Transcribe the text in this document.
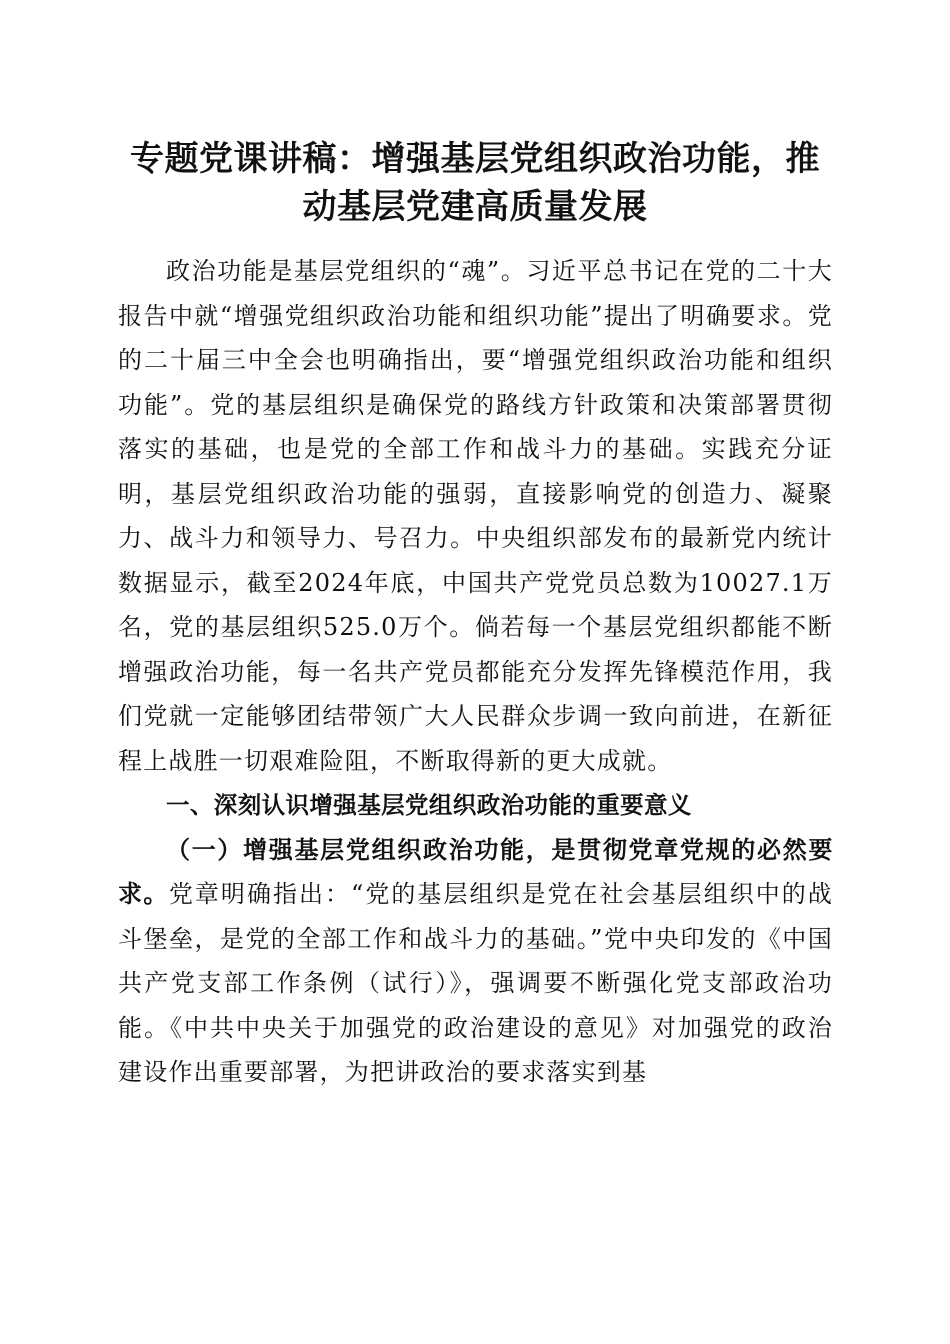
专题党课讲稿：增强基层党组织政治功能，推
动基层党建高质量发展

政治功能是基层党组织的“魂”。习近平总书记在党的二十大报告中就“增强党组织政治功能和组织功能”提出了明确要求。党的二十届三中全会也明确指出，要“增强党组织政治功能和组织功能”。党的基层组织是确保党的路线方针政策和决策部署贯彻落实的基础，也是党的全部工作和战斗力的基础。实践充分证明，基层党组织政治功能的强弱，直接影响党的创造力、凝聚力、战斗力和领导力、号召力。中央组织部发布的最新党内统计数据显示，截至2024年底，中国共产党党员总数为10027.1万名，党的基层组织525.0万个。倘若每一个基层党组织都能不断增强政治功能，每一名共产党员都能充分发挥先锋模范作用，我们党就一定能够团结带领广大人民群众步调一致向前进，在新征程上战胜一切艰难险阻，不断取得新的更大成就。

一、深刻认识增强基层党组织政治功能的重要意义

（一）增强基层党组织政治功能，是贯彻党章党规的必然要求。党章明确指出：“党的基层组织是党在社会基层组织中的战斗堡垒，是党的全部工作和战斗力的基础。”党中央印发的《中国共产党支部工作条例（试行）》，强调要不断强化党支部政治功能。《中共中央关于加强党的政治建设的意见》对加强党的政治建设作出重要部署，为把讲政治的要求落实到基
